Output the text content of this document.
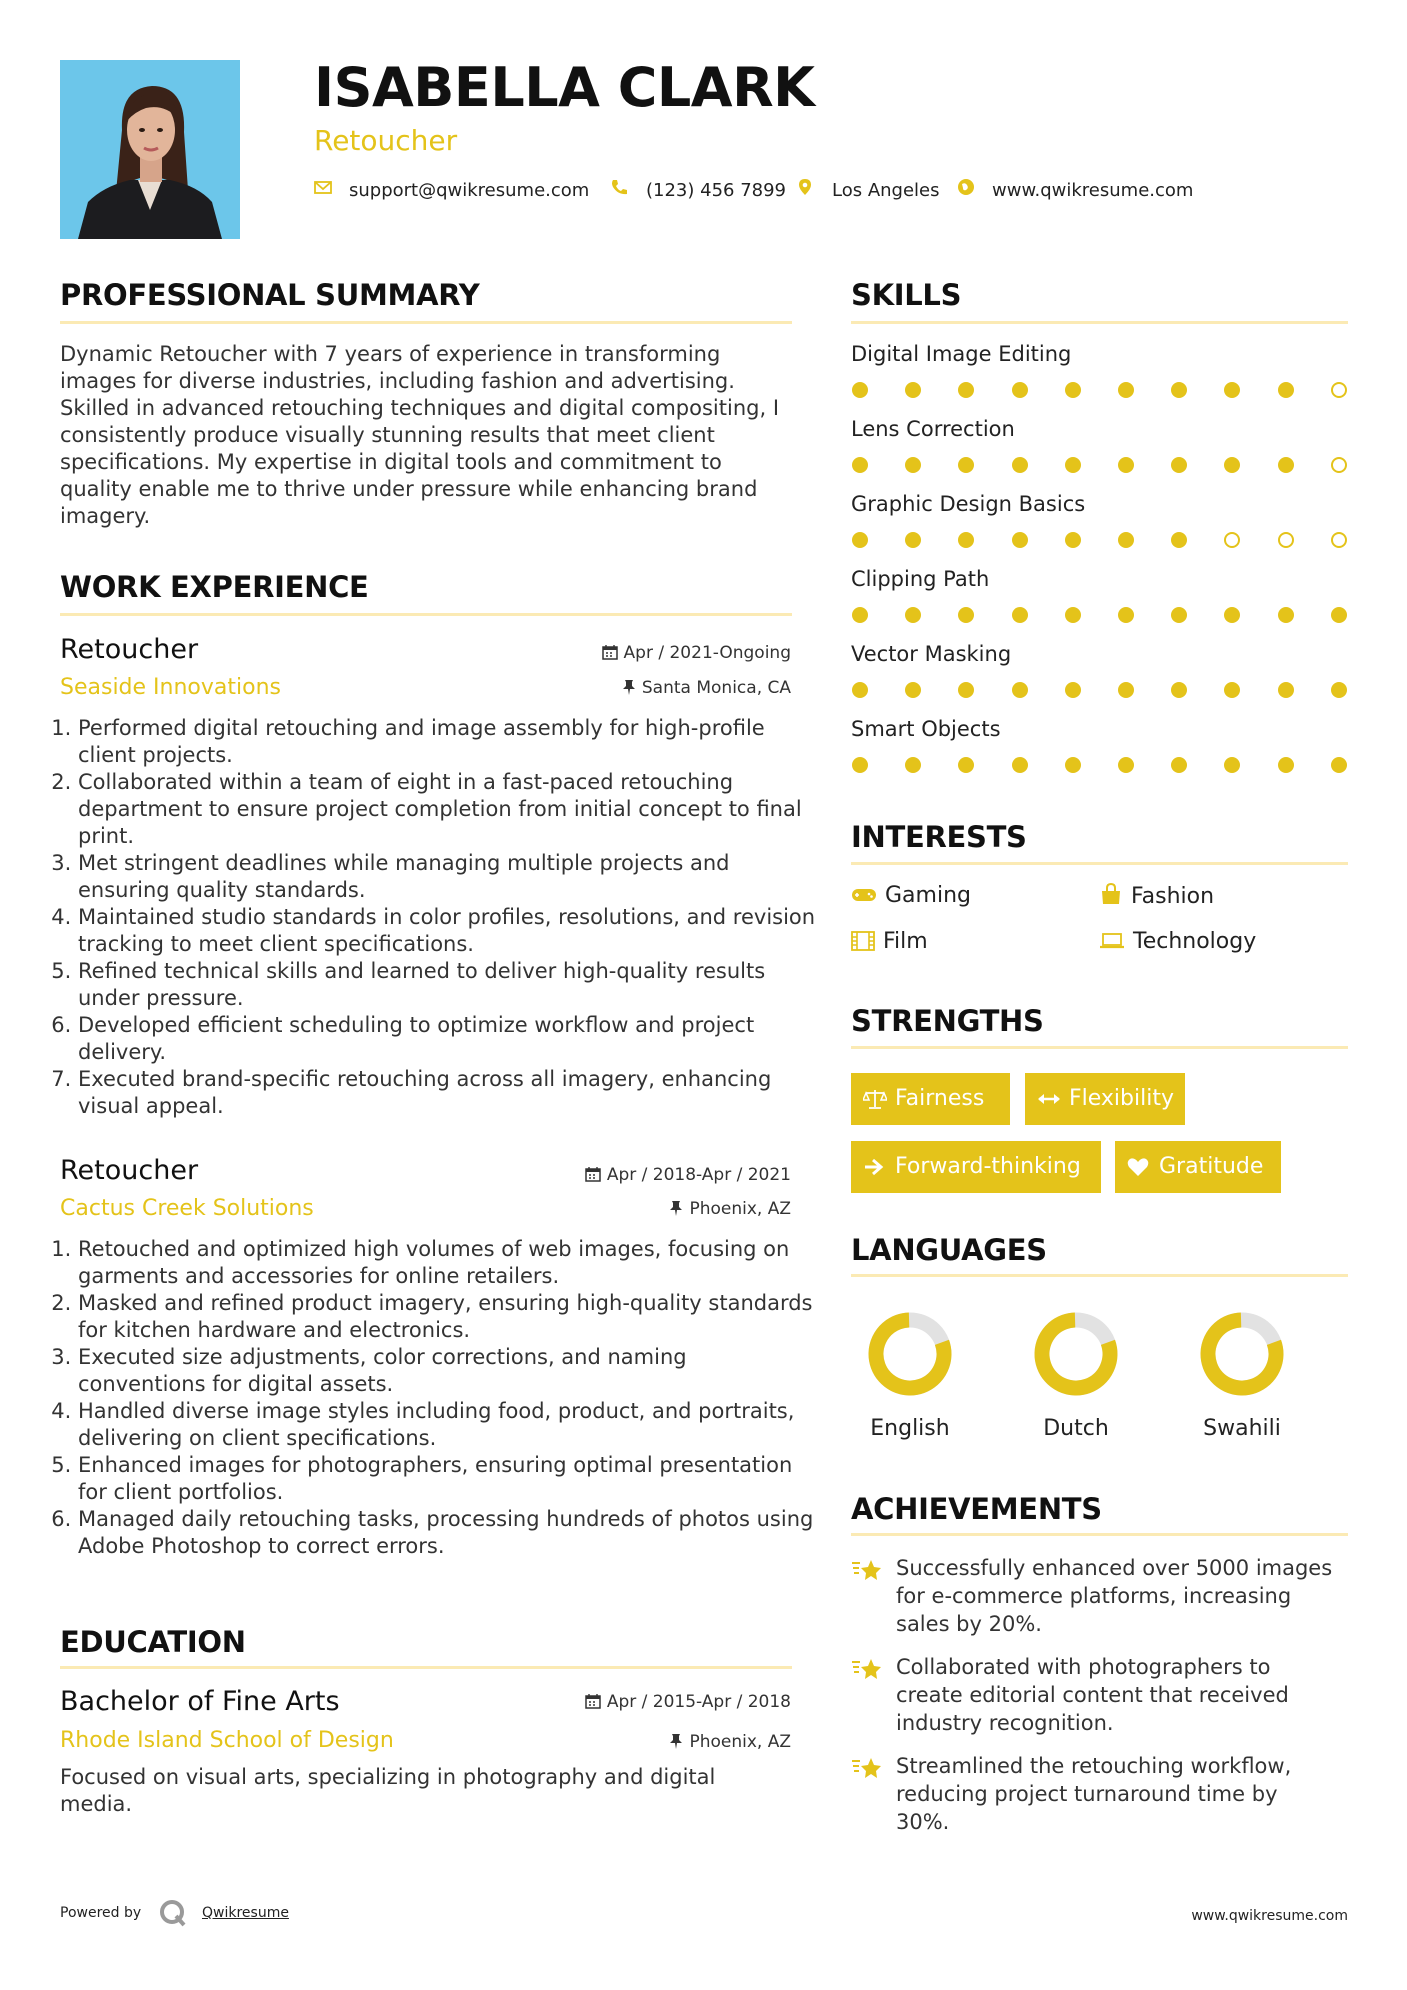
ISABELLA CLARK
Retoucher
support@qwikresume.com	(123) 456 7899	Los Angeles	www.qwikresume.com
PROFESSIONAL SUMMARY
Dynamic Retoucher with 7 years of experience in transforming images for diverse industries, including fashion and advertising. Skilled in advanced retouching techniques and digital compositing, I consistently produce visually stunning results that meet client specifications. My expertise in digital tools and commitment to quality enable me to thrive under pressure while enhancing brand imagery.
WORK EXPERIENCE
Retoucher
Seaside Innovations
Apr / 2021-Ongoing
Santa Monica, CA
1. Performed digital retouching and image assembly for high-profile client projects.
2. Collaborated within a team of eight in a fast-paced retouching department to ensure project completion from initial concept to final print.
3. Met stringent deadlines while managing multiple projects and ensuring quality standards.
4. Maintained studio standards in color profiles, resolutions, and revision tracking to meet client specifications.
5. Refined technical skills and learned to deliver high-quality results under pressure.
6. Developed efficient scheduling to optimize workflow and project delivery.
7. Executed brand-specific retouching across all imagery, enhancing visual appeal.
Retoucher
Cactus Creek Solutions
Apr / 2018-Apr / 2021
Phoenix, AZ
1. Retouched and optimized high volumes of web images, focusing on garments and accessories for online retailers.
2. Masked and refined product imagery, ensuring high-quality standards for kitchen hardware and electronics.
3. Executed size adjustments, color corrections, and naming conventions for digital assets.
4. Handled diverse image styles including food, product, and portraits, delivering on client specifications.
5. Enhanced images for photographers, ensuring optimal presentation for client portfolios.
6. Managed daily retouching tasks, processing hundreds of photos using Adobe Photoshop to correct errors.
EDUCATION
Bachelor of Fine Arts
Rhode Island School of Design
Apr / 2015-Apr / 2018
Phoenix, AZ
Focused on visual arts, specializing in photography and digital media.
SKILLS
Digital Image Editing
Lens Correction
Graphic Design Basics
Clipping Path
Vector Masking
Smart Objects
INTERESTS
Gaming	Fashion
Film	Technology
STRENGTHS
Fairness	Flexibility
Forward-thinking	Gratitude
LANGUAGES
English	Dutch	Swahili
ACHIEVEMENTS
Successfully enhanced over 5000 images for e-commerce platforms, increasing sales by 20%.
Collaborated with photographers to create editorial content that received industry recognition.
Streamlined the retouching workflow, reducing project turnaround time by 30%.
Powered by	Qwikresume	www.qwikresume.com
